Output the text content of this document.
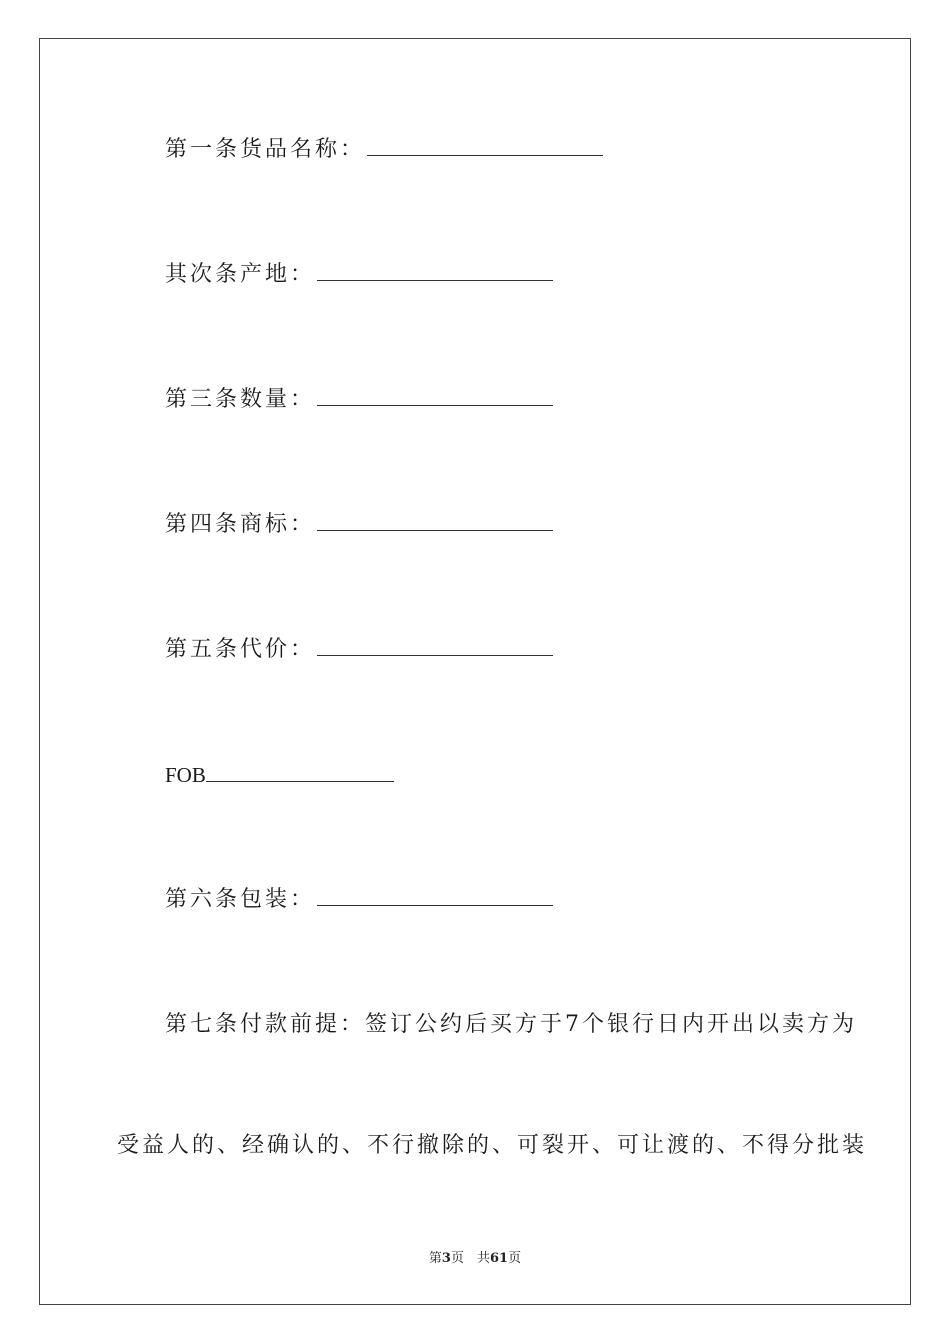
第一条货品名称：
其次条产地：
第三条数量：
第四条商标：
第五条代价：
FOB
第六条包装：
第七条付款前提：签订公约后买方于7个银行日内开出以卖方为
受益人的、经确认的、不行撤除的、可裂开、可让渡的、不得分批装
第3页　共61页
